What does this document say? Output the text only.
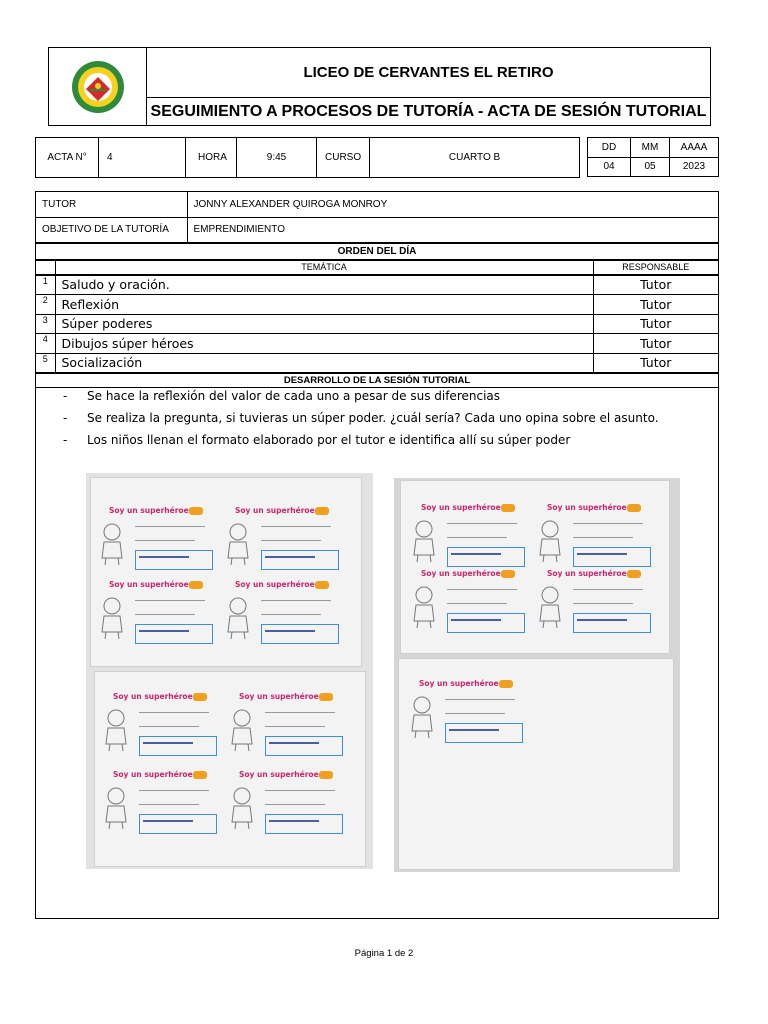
LICEO DE CERVANTES EL RETIRO
SEGUIMIENTO A PROCESOS DE TUTORÍA - ACTA DE SESIÓN TUTORIAL
ACTA N°	4	HORA	9:45	CURSO	CUARTO B
DD	MM	AAAA
04	05	2023
TUTOR	JONNY ALEXANDER QUIROGA MONROY
OBJETIVO DE LA TUTORÍA	EMPRENDIMIENTO
ORDEN DEL DÍA
	TEMÁTICA	RESPONSABLE
1	Saludo y oración.	Tutor
2	Reflexión	Tutor
3	Súper poderes	Tutor
4	Dibujos súper héroes	Tutor
5	Socialización	Tutor
DESARROLLO DE LA SESIÓN TUTORIAL
-	Se hace la reflexión del valor de cada uno a pesar de sus diferencias
-	Se realiza la pregunta, si tuvieras un súper poder. ¿cuál sería? Cada uno opina sobre el asunto.
-	Los niños llenan el formato elaborado por el tutor e identifica allí su súper poder
Soy un superhéroe	Soy un superhéroe
Soy un superhéroe	Soy un superhéroe
Soy un superhéroe	Soy un superhéroe
Soy un superhéroe	Soy un superhéroe
Soy un superhéroe	Soy un superhéroe
Soy un superhéroe	Soy un superhéroe
Soy un superhéroe
Página 1 de 2
